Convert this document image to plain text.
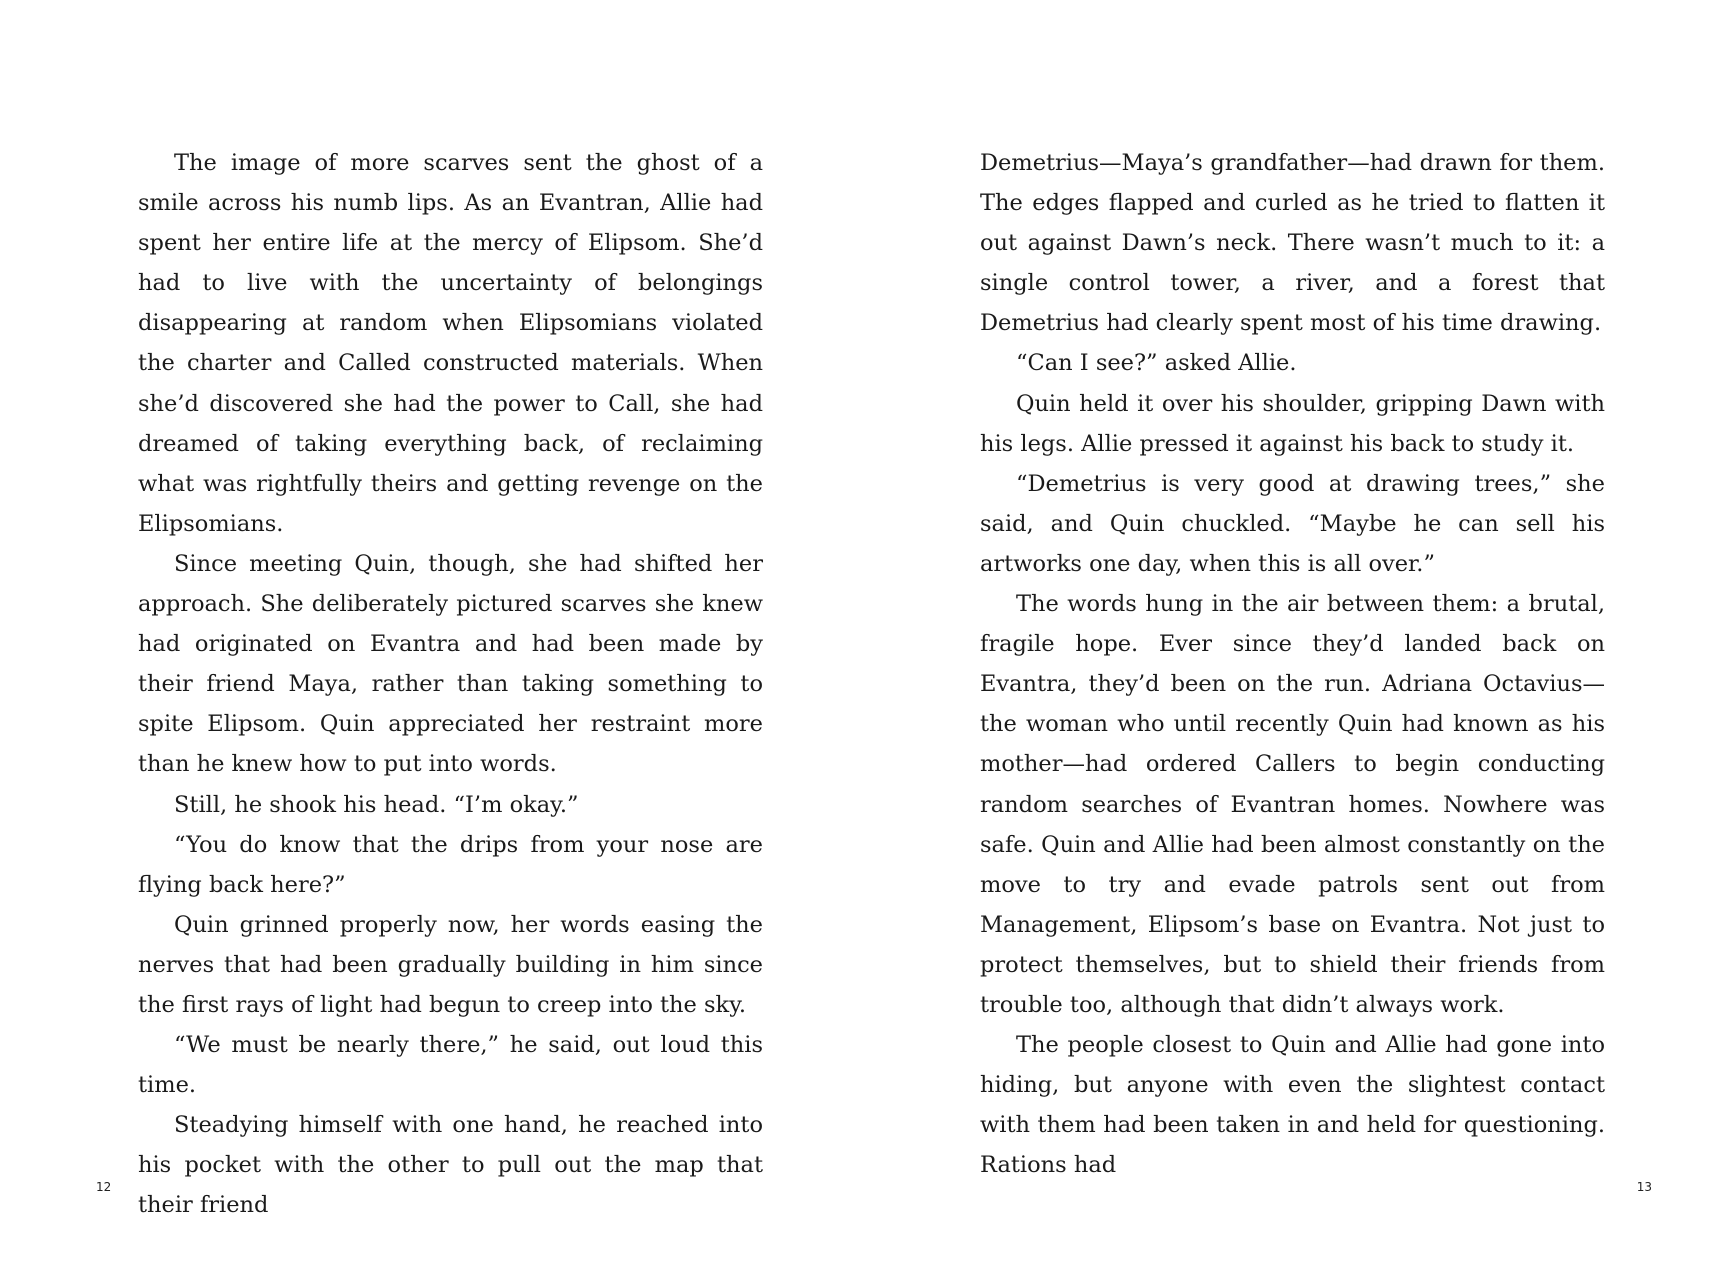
The image of more scarves sent the ghost of a smile across his numb lips. As an Evantran, Allie had spent her entire life at the mercy of Elipsom. She’d had to live with the uncertainty of belongings disappearing at random when Elipsomians violated the charter and Called constructed materials. When she’d discovered she had the power to Call, she had dreamed of taking everything back, of reclaiming what was rightfully theirs and getting revenge on the Elipsomians.

Since meeting Quin, though, she had shifted her approach. She deliberately pictured scarves she knew had originated on Evantra and had been made by their friend Maya, rather than taking something to spite Elipsom. Quin appreciated her restraint more than he knew how to put into words.

Still, he shook his head. “I’m okay.”

“You do know that the drips from your nose are flying back here?”

Quin grinned properly now, her words easing the nerves that had been gradually building in him since the first rays of light had begun to creep into the sky.

“We must be nearly there,” he said, out loud this time.

Steadying himself with one hand, he reached into his pocket with the other to pull out the map that their friend

12

Demetrius—Maya’s grandfather—had drawn for them. The edges flapped and curled as he tried to flatten it out against Dawn’s neck. There wasn’t much to it: a single control tower, a river, and a forest that Demetrius had clearly spent most of his time drawing.

“Can I see?” asked Allie.

Quin held it over his shoulder, gripping Dawn with his legs. Allie pressed it against his back to study it.

“Demetrius is very good at drawing trees,” she said, and Quin chuckled. “Maybe he can sell his artworks one day, when this is all over.”

The words hung in the air between them: a brutal, fragile hope. Ever since they’d landed back on Evantra, they’d been on the run. Adriana Octavius—the woman who until recently Quin had known as his mother—had ordered Callers to begin conducting random searches of Evantran homes. Nowhere was safe. Quin and Allie had been almost constantly on the move to try and evade patrols sent out from Management, Elipsom’s base on Evantra. Not just to protect themselves, but to shield their friends from trouble too, although that didn’t always work.

The people closest to Quin and Allie had gone into hiding, but anyone with even the slightest contact with them had been taken in and held for questioning. Rations had

13
